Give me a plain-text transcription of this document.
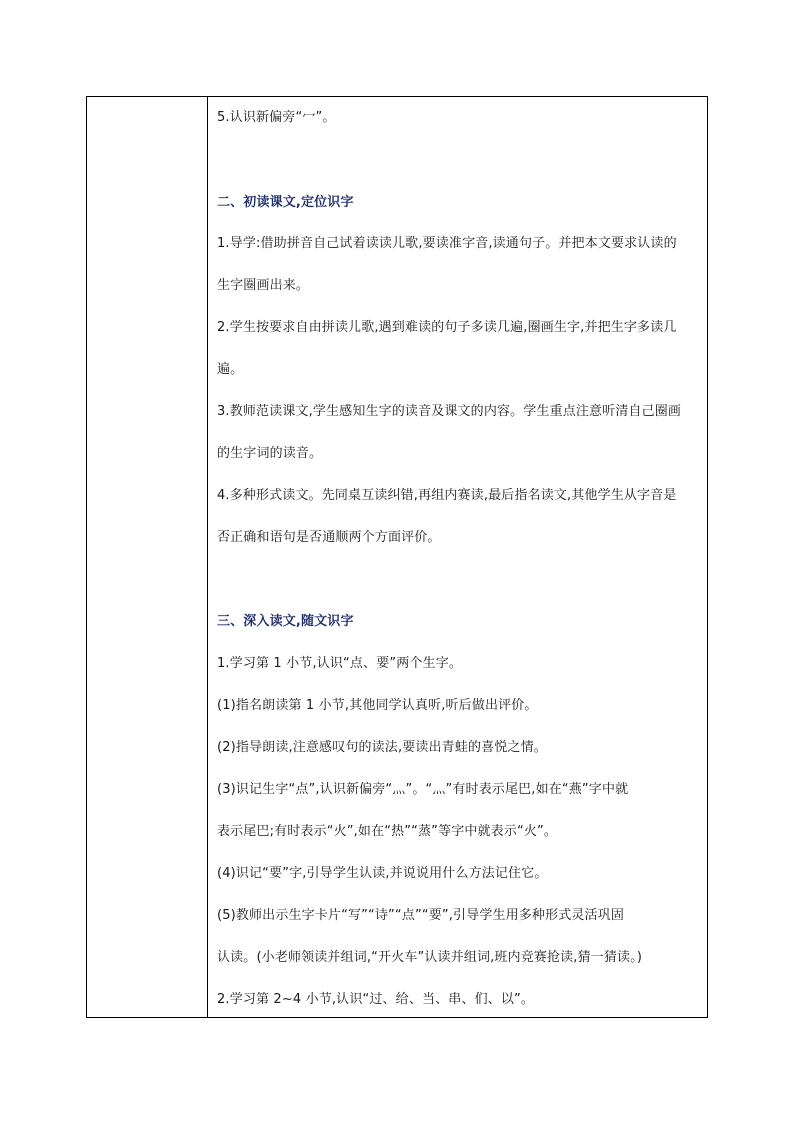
5.认识新偏旁“冖”。
二、初读课文,定位识字
1.导学:借助拼音自己试着读读儿歌,要读准字音,读通句子。并把本文要求认读的
生字圈画出来。
2.学生按要求自由拼读儿歌,遇到难读的句子多读几遍,圈画生字,并把生字多读几
遍。
3.教师范读课文,学生感知生字的读音及课文的内容。学生重点注意听清自己圈画
的生字词的读音。
4.多种形式读文。先同桌互读纠错,再组内赛读,最后指名读文,其他学生从字音是
否正确和语句是否通顺两个方面评价。
三、深入读文,随文识字
1.学习第 1 小节,认识“点、要”两个生字。
(1)指名朗读第 1 小节,其他同学认真听,听后做出评价。
(2)指导朗读,注意感叹句的读法,要读出青蛙的喜悦之情。
(3)识记生字“点”,认识新偏旁“灬”。“灬”有时表示尾巴,如在“燕”字中就
表示尾巴;有时表示“火”,如在“热”“蒸”等字中就表示“火”。
(4)识记“要”字,引导学生认读,并说说用什么方法记住它。
(5)教师出示生字卡片“写”“诗”“点”“要”,引导学生用多种形式灵活巩固
认读。(小老师领读并组词,“开火车”认读并组词,班内竞赛抢读,猜一猜读。)
2.学习第 2~4 小节,认识“过、给、当、串、们、以”。
